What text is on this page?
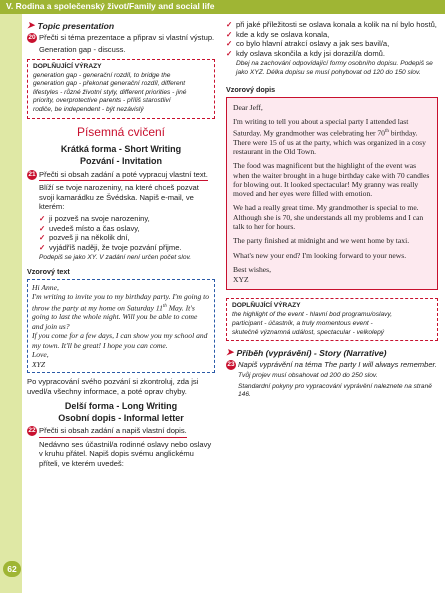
V. Rodina a společenský život/Family and social life
62
➤ Topic presentation
20 Přečti si téma prezentace a připrav si vlastní výstup.
Generation gap - discuss.
DOPLŇUJÍCÍ VÝRAZY
generation gap - generační rozdíl, to bridge the
generation gap - překonat generační rozdíl, different
lifestyles - různé životní styly, different priorities - jiné
priority, overprotective parents - příliš starostliví
rodiče, be independent - být nezávislý
Písemná cvičení
Krátká forma - Short Writing
Pozvání - Invitation
21 Přečti si obsah zadání a poté vypracuj vlastní text.
Blíží se tvoje narozeniny, na které chceš pozvat svoji kamarádku ze Švédska. Napiš e-mail, ve kterém:
✓ ji pozveš na svoje narozeniny,
✓ uvedeš místo a čas oslavy,
✓ pozveš ji na několik dní,
✓ vyjádříš naději, že tvoje pozvání přijme.
Podepiš se jako XY. V zadání není určen počet slov.
Vzorový text
Hi Anne,
I'm writing to invite you to my birthday party. I'm going to throw the party at my home on Saturday 11th May. It's going to last the whole night. Will you be able to come and join us?
If you come for a few days, I can show you my school and my town. It'll be great! I hope you can come.
Love,
XYZ
Po vypracování svého pozvání si zkontroluj, zda jsi uvedl/a všechny informace, a poté oprav chyby.
Delší forma - Long Writing
Osobní dopis - Informal letter
22 Přečti si obsah zadání a napiš vlastní dopis.
Nedávno ses účastnil/a rodinné oslavy nebo oslavy v kruhu přátel. Napiš dopis svému anglickému příteli, ve kterém uvedeš:
✓ při jaké příležitosti se oslava konala a kolik na ní bylo hostů,
✓ kde a kdy se oslava konala,
✓ co bylo hlavní atrakcí oslavy a jak ses bavil/a,
✓ kdy oslava skončila a kdy jsi dorazil/a domů.
Dbej na zachování odpovídající formy osobního dopisu. Podepiš se jako XYZ. Délka dopisu se musí pohybovat od 120 do 150 slov.
Vzorový dopis

Dear Jeff,

I'm writing to tell you about a special party I attended last Saturday. My grandmother was celebrating her 70th birthday. There were 15 of us at the party, which was organized in a cosy restaurant in the Old Town.

The food was magnificent but the highlight of the event was when the waiter brought in a huge birthday cake with 70 candles for blowing out. It looked spectacular! My granny was really moved and her eyes were filled with emotion.

We had a really great time. My grandmother is special to me. Although she is 70, she understands all my problems and I can talk to her for hours.

The party finished at midnight and we went home by taxi.

What's new your end? I'm looking forward to your news.

Best wishes,

XYZ

DOPLŇUJÍCÍ VÝRAZY
the highlight of the event - hlavní bod programu/oslavy,
participant - účastník, a truly momentous event -
skutečně významná událost, spectacular - velkolepý
➤ Příběh (vyprávění) - Story (Narrative)
23 Napiš vyprávění na téma The party I will always remember.
Tvůj projev musí obsahovat od 200 do 250 slov.
Standardní pokyny pro vypracování vyprávění naleznete na straně 146.
